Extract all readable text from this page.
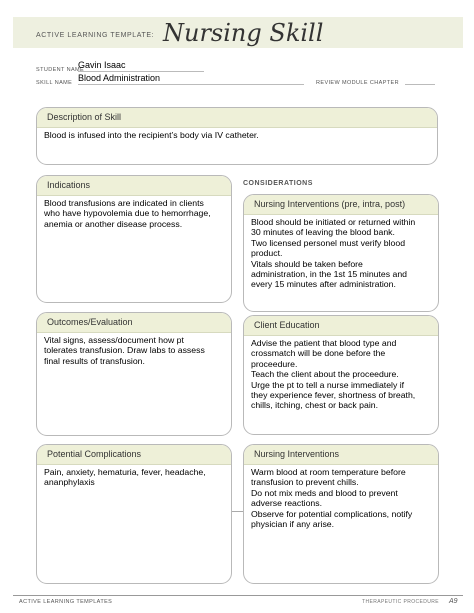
ACTIVE LEARNING TEMPLATE: Nursing Skill
STUDENT NAME
Gavin Isaac
SKILL NAME Blood Administration	REVIEW MODULE CHAPTER
Description of Skill
Blood is infused into the recipient’s body via IV catheter.
CONSIDERATIONS
Indications
Blood transfusions are indicated in clients
who have hypovolemia due to hemorrhage,
anemia or another disease process.
Nursing Interventions (pre, intra, post)
Blood should be initiated or returned within
30 minutes of leaving the blood bank.
Two licensed personel must verify blood
product.
Vitals should be taken before
administration, in the 1st 15 minutes and
every 15 minutes after administration.
Outcomes/Evaluation
Vital signs, assess/document how pt
tolerates transfusion. Draw labs to assess
final results of transfusion.
Client Education
Advise the patient that blood type and
crossmatch will be done before the
proceedure.
Teach the client about the proceedure.
Urge the pt to tell a nurse immediately if
they experience fever, shortness of breath,
chills, itching, chest or back pain.
Potential Complications
Pain, anxiety, hematuria, fever, headache,
ananphylaxis
Nursing Interventions
Warm blood at room temperature before
transfusion to prevent chills.
Do not mix meds and blood to prevent
adverse reactions.
Observe for potential complications, notify
physician if any arise.
ACTIVE LEARNING TEMPLATES	THERAPEUTIC PROCEDURE A9
